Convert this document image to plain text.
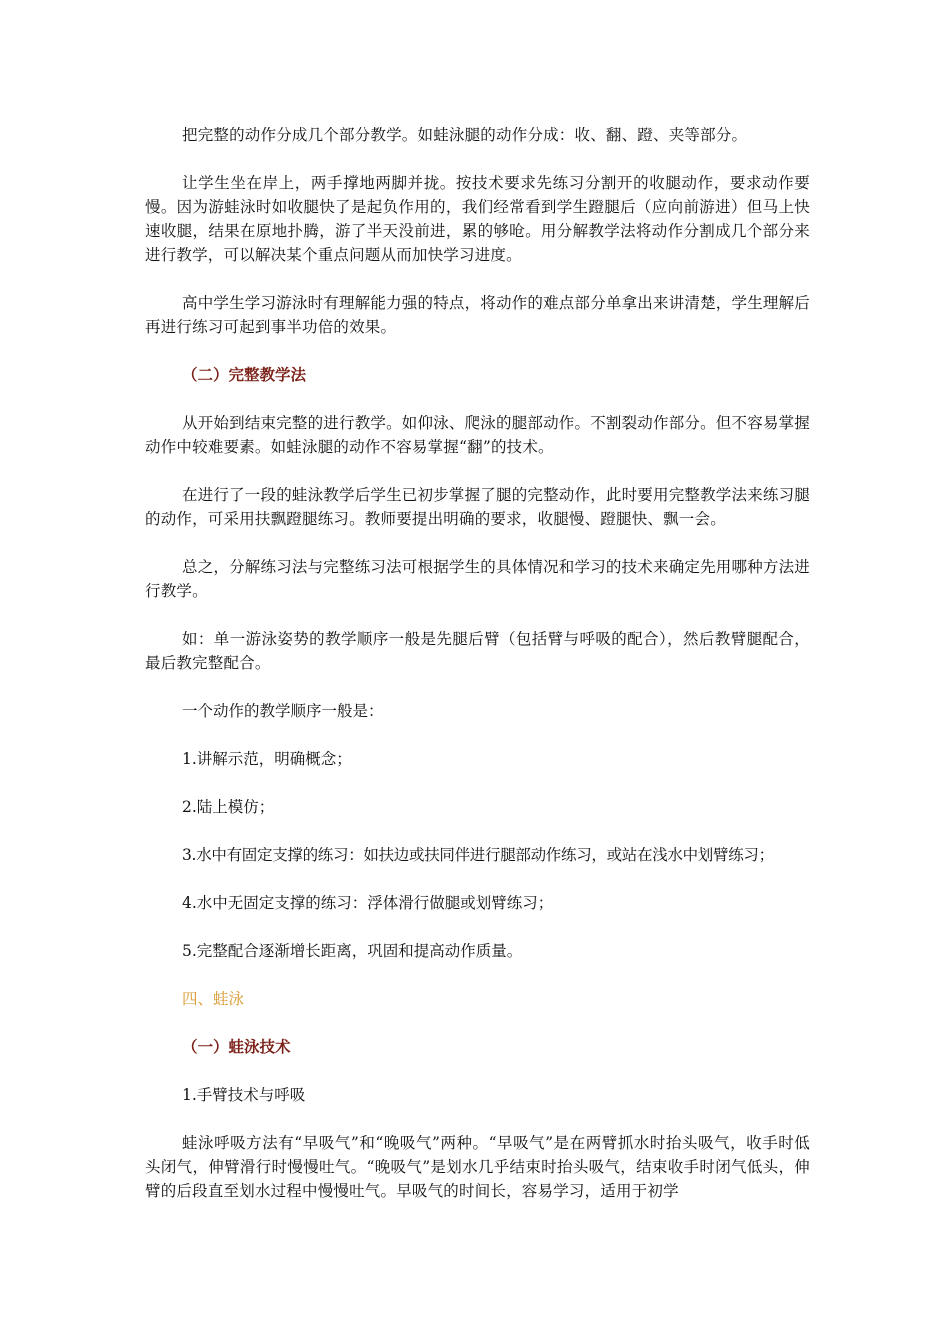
把完整的动作分成几个部分教学。如蛙泳腿的动作分成：收、翻、蹬、夹等部分。

让学生坐在岸上，两手撑地两脚并拢。按技术要求先练习分割开的收腿动作，要求动作要慢。因为游蛙泳时如收腿快了是起负作用的，我们经常看到学生蹬腿后（应向前游进）但马上快速收腿，结果在原地扑腾，游了半天没前进，累的够呛。用分解教学法将动作分割成几个部分来进行教学，可以解决某个重点问题从而加快学习进度。

高中学生学习游泳时有理解能力强的特点，将动作的难点部分单拿出来讲清楚，学生理解后再进行练习可起到事半功倍的效果。

（二）完整教学法

从开始到结束完整的进行教学。如仰泳、爬泳的腿部动作。不割裂动作部分。但不容易掌握动作中较难要素。如蛙泳腿的动作不容易掌握“翻”的技术。

在进行了一段的蛙泳教学后学生已初步掌握了腿的完整动作，此时要用完整教学法来练习腿的动作，可采用扶飘蹬腿练习。教师要提出明确的要求，收腿慢、蹬腿快、飘一会。

总之，分解练习法与完整练习法可根据学生的具体情况和学习的技术来确定先用哪种方法进行教学。

如：单一游泳姿势的教学顺序一般是先腿后臂（包括臂与呼吸的配合），然后教臂腿配合，最后教完整配合。

一个动作的教学顺序一般是：

1.讲解示范，明确概念；

2.陆上模仿；

3.水中有固定支撑的练习：如扶边或扶同伴进行腿部动作练习，或站在浅水中划臂练习；

4.水中无固定支撑的练习：浮体滑行做腿或划臂练习；

5.完整配合逐渐增长距离，巩固和提高动作质量。

四、蛙泳

（一）蛙泳技术

1.手臂技术与呼吸

蛙泳呼吸方法有“早吸气”和“晚吸气”两种。“早吸气”是在两臂抓水时抬头吸气，收手时低头闭气，伸臂滑行时慢慢吐气。“晚吸气”是划水几乎结束时抬头吸气，结束收手时闭气低头，伸臂的后段直至划水过程中慢慢吐气。早吸气的时间长，容易学习，适用于初学
